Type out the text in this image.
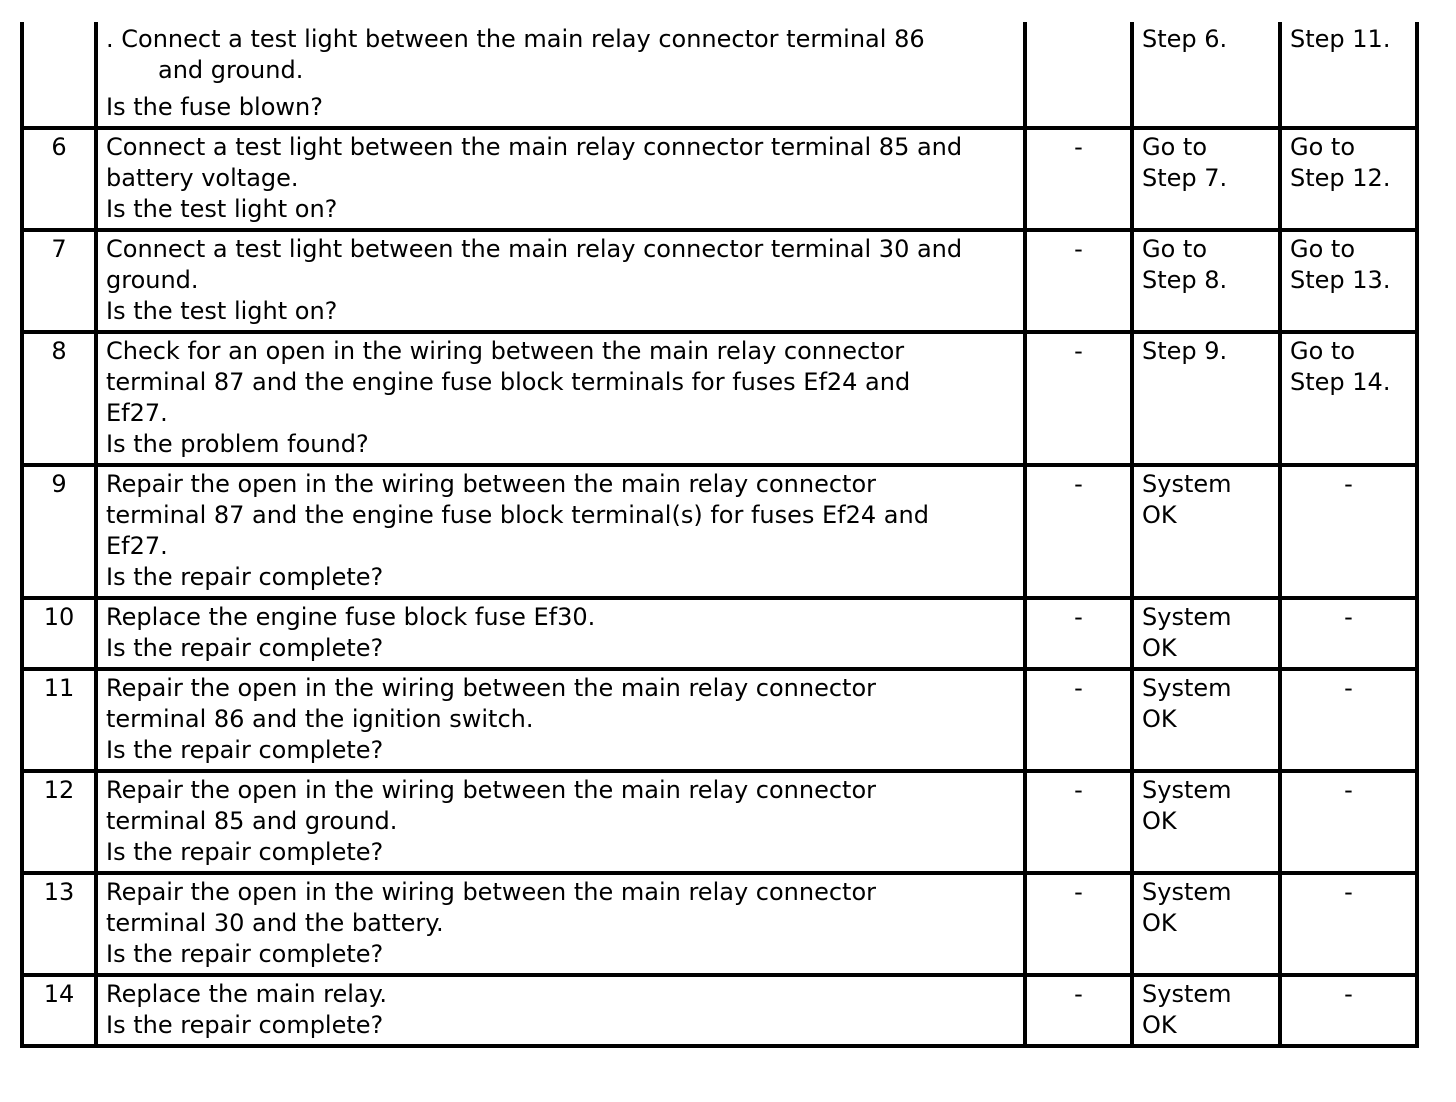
	. Connect a test light between the main relay connector terminal 86
and ground.
Is the fuse blown?		Step 6.	Step 11.

6	Connect a test light between the main relay connector terminal 85 and
battery voltage.
Is the test light on?	-	Go to
Step 7.	Go to
Step 12.

7	Connect a test light between the main relay connector terminal 30 and
ground.
Is the test light on?	-	Go to
Step 8.	Go to
Step 13.

8	Check for an open in the wiring between the main relay connector
terminal 87 and the engine fuse block terminals for fuses Ef24 and
Ef27.
Is the problem found?	-	Step 9.	Go to
Step 14.

9	Repair the open in the wiring between the main relay connector
terminal 87 and the engine fuse block terminal(s) for fuses Ef24 and
Ef27.
Is the repair complete?	-	System
OK	-

10	Replace the engine fuse block fuse Ef30.
Is the repair complete?	-	System
OK	-

11	Repair the open in the wiring between the main relay connector
terminal 86 and the ignition switch.
Is the repair complete?	-	System
OK	-

12	Repair the open in the wiring between the main relay connector
terminal 85 and ground.
Is the repair complete?	-	System
OK	-

13	Repair the open in the wiring between the main relay connector
terminal 30 and the battery.
Is the repair complete?	-	System
OK	-

14	Replace the main relay.
Is the repair complete?	-	System
OK	-
